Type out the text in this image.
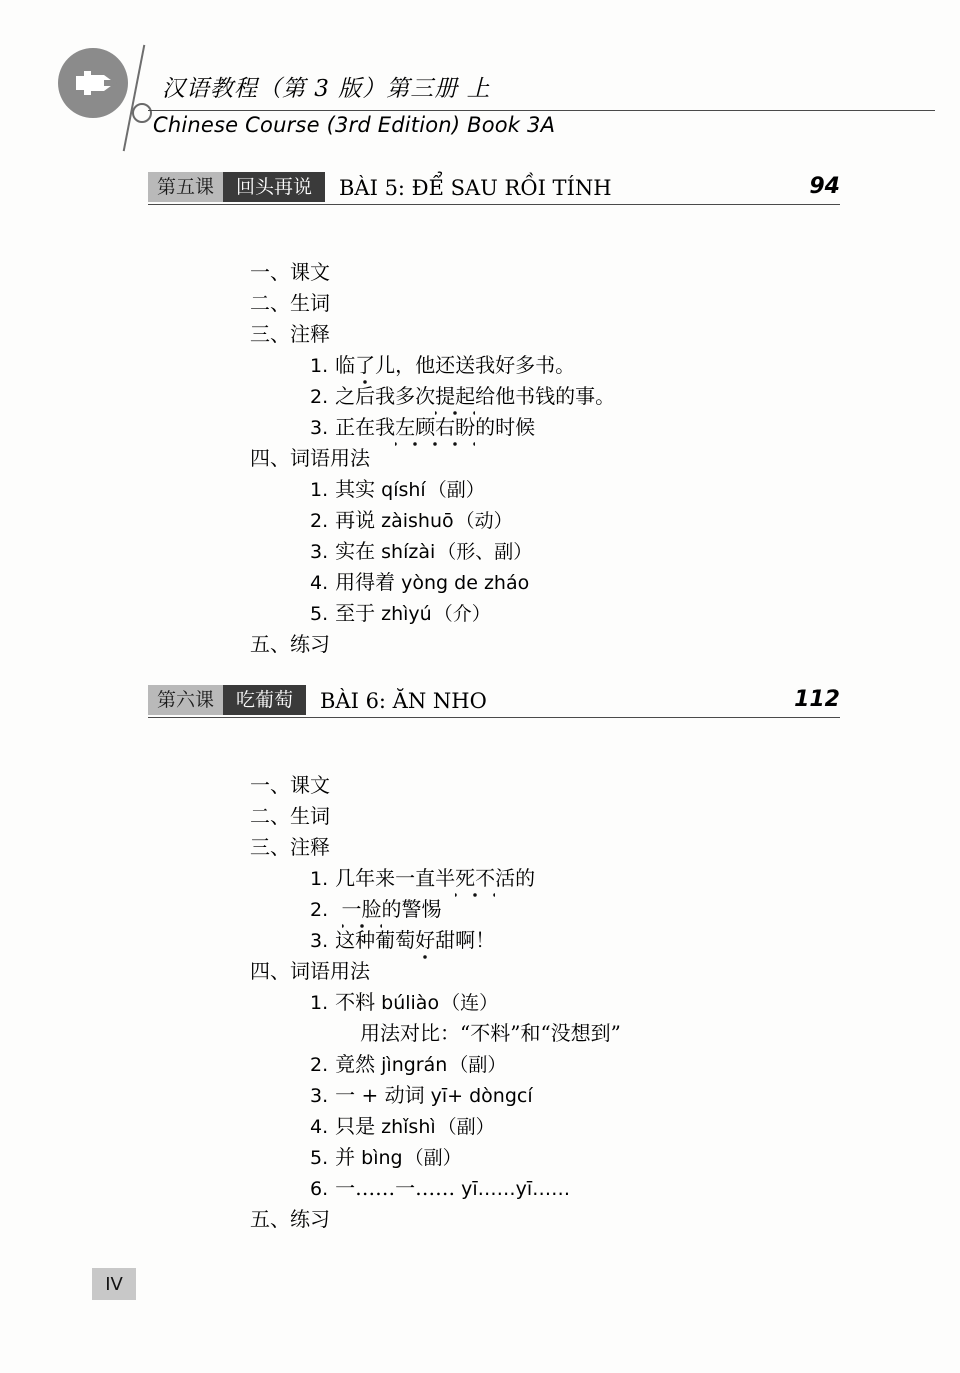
汉语教程（第 3 版）第三册 上
Chinese Course (3rd Edition) Book 3A
第五课	回头再说	BÀI 5: ĐỂ SAU RỒI TÍNH	94
一、课文
二、生词
三、注释
1. 临了儿，他还送我好多书。
2. 之后我多次提起给他书钱的事。
3. 正在我左顾右盼的时候
四、词语用法
1. 其实 qíshí （副）
2. 再说 zàishuō （动）
3. 实在 shízài （形、副）
4. 用得着 yòng de zháo
5. 至于 zhìyú （介）
五、练习
第六课	吃葡萄	BÀI 6: ĂN NHO	112
一、课文
二、生词
三、注释
1. 几年来一直半死不活的
2. 一脸的警惕
3. 这种葡萄好甜啊！
四、词语用法
1. 不料 búliào （连）
用法对比：“不料”和“没想到”
2. 竟然 jìngrán （副）
3. 一 + 动词 yī+ dòngcí
4. 只是 zhǐshì （副）
5. 并 bìng （副）
6. 一……一…… yī……yī……
五、练习
IV
